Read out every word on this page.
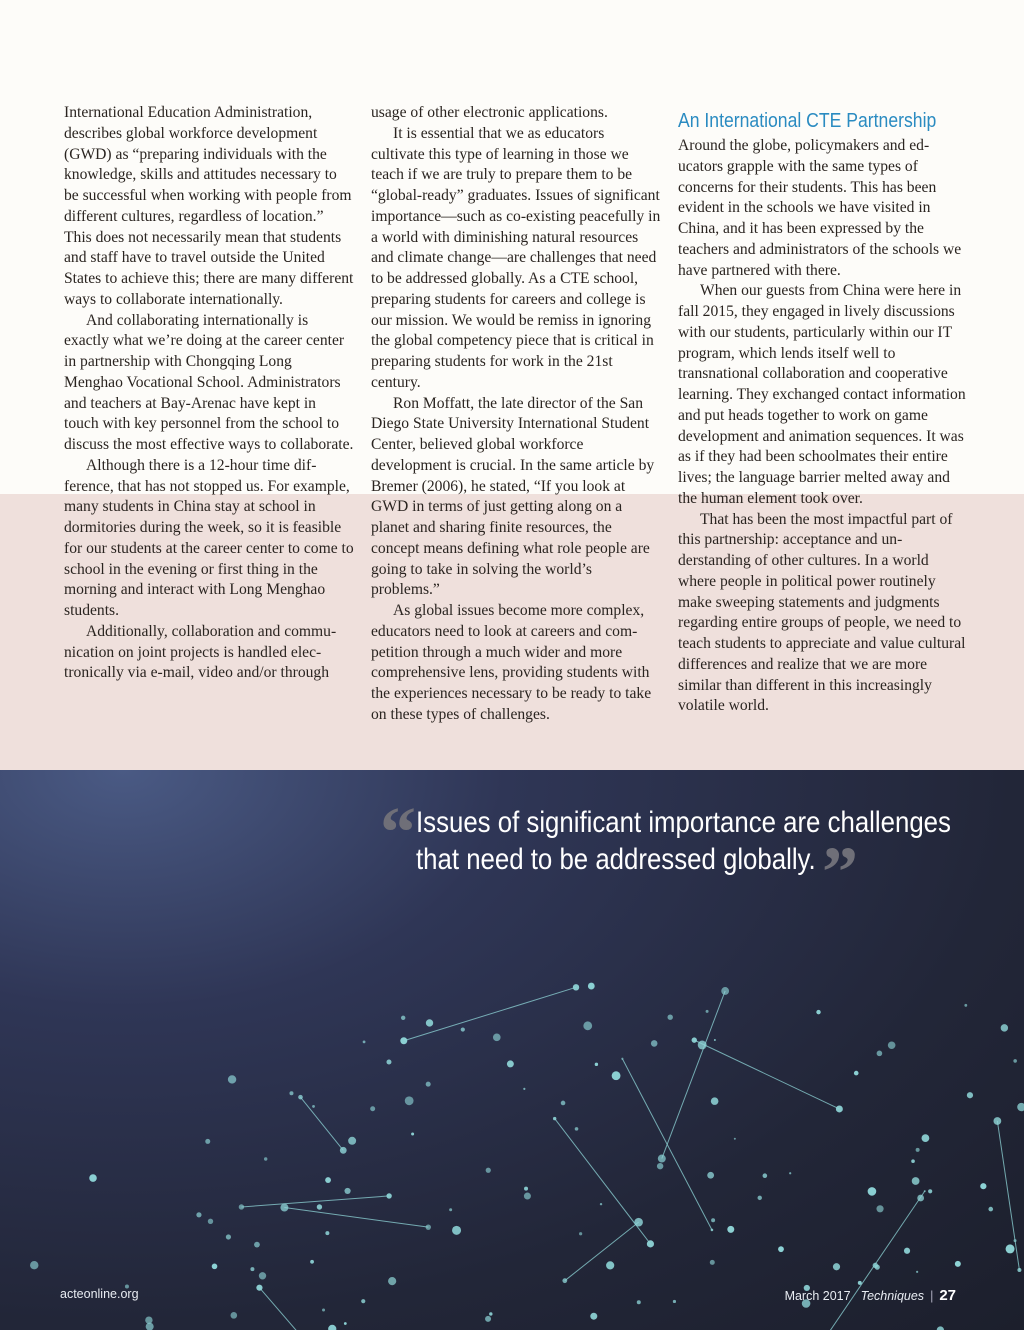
International Education Administration, describes global workforce development (GWD) as “preparing individuals with the knowledge, skills and attitudes necessary to be successful when working with people from different cultures, regardless of location.” This does not necessarily mean that students and staff have to travel outside the United States to achieve this; there are many different ways to collaborate internationally.

And collaborating internationally is exactly what we’re doing at the career center in partnership with Chongqing Long Menghao Vocational School. Administrators and teachers at Bay-Arenac have kept in touch with key personnel from the school to discuss the most effective ways to collaborate.

Although there is a 12-hour time difference, that has not stopped us. For example, many students in China stay at school in dormitories during the week, so it is feasible for our students at the career center to come to school in the evening or first thing in the morning and interact with Long Menghao students.

Additionally, collaboration and communication on joint projects is handled electronically via e-mail, video and/or through

usage of other electronic applications.

It is essential that we as educators cultivate this type of learning in those we teach if we are truly to prepare them to be “global-ready” graduates. Issues of significant importance—such as co-existing peacefully in a world with diminishing natural resources and climate change—are challenges that need to be addressed globally. As a CTE school, preparing students for careers and college is our mission. We would be remiss in ignoring the global competency piece that is critical in preparing students for work in the 21st century.

Ron Moffatt, the late director of the San Diego State University International Student Center, believed global workforce development is crucial. In the same article by Bremer (2006), he stated, “If you look at GWD in terms of just getting along on a planet and sharing finite resources, the concept means defining what role people are going to take in solving the world’s problems.”

As global issues become more complex, educators need to look at careers and competition through a much wider and more comprehensive lens, providing students with the experiences necessary to be ready to take on these types of challenges.

An International CTE Partnership

Around the globe, policymakers and educators grapple with the same types of concerns for their students. This has been evident in the schools we have visited in China, and it has been expressed by the teachers and administrators of the schools we have partnered with there.

When our guests from China were here in fall 2015, they engaged in lively discussions with our students, particularly within our IT program, which lends itself well to transnational collaboration and cooperative learning. They exchanged contact information and put heads together to work on game development and animation sequences. It was as if they had been schoolmates their entire lives; the language barrier melted away and the human element took over.

That has been the most impactful part of this partnership: acceptance and understanding of other cultures. In a world where people in political power routinely make sweeping statements and judgments regarding entire groups of people, we need to teach students to appreciate and value cultural differences and realize that we are more similar than different in this increasingly volatile world.

“ Issues of significant importance are challenges
that need to be addressed globally. ”
acteonline.org	March 2017 Techniques | 27
